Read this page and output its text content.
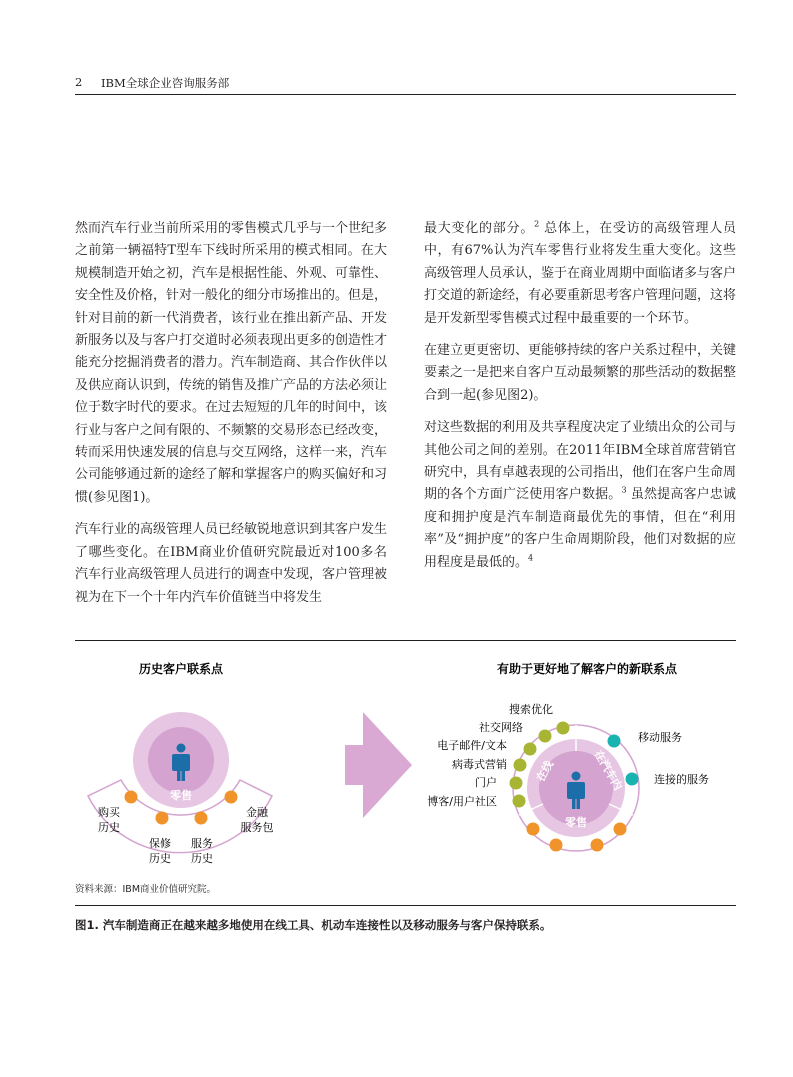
2 IBM全球企业咨询服务部

然而汽车行业当前所采用的零售模式几乎与一个世纪多之前第一辆福特T型车下线时所采用的模式相同。在大规模制造开始之初，汽车是根据性能、外观、可靠性、安全性及价格，针对一般化的细分市场推出的。但是，针对目前的新一代消费者，该行业在推出新产品、开发新服务以及与客户打交道时必须表现出更多的创造性才能充分挖掘消费者的潜力。汽车制造商、其合作伙伴以及供应商认识到，传统的销售及推广产品的方法必须让位于数字时代的要求。在过去短短的几年的时间中，该行业与客户之间有限的、不频繁的交易形态已经改变，转而采用快速发展的信息与交互网络，这样一来，汽车公司能够通过新的途经了解和掌握客户的购买偏好和习惯(参见图1)。

汽车行业的高级管理人员已经敏锐地意识到其客户发生了哪些变化。在IBM商业价值研究院最近对100多名汽车行业高级管理人员进行的调查中发现，客户管理被视为在下一个十年内汽车价值链当中将发生

最大变化的部分。$^2$ 总体上，在受访的高级管理人员中，有67%认为汽车零售行业将发生重大变化。这些高级管理人员承认，鉴于在商业周期中面临诸多与客户打交道的新途经，有必要重新思考客户管理问题，这将是开发新型零售模式过程中最重要的一个环节。

在建立更更密切、更能够持续的客户关系过程中，关键要素之一是把来自客户互动最频繁的那些活动的数据整合到一起(参见图2)。

对这些数据的利用及共享程度决定了业绩出众的公司与其他公司之间的差别。在2011年IBM全球首席营销官研究中，具有卓越表现的公司指出，他们在客户生命周期的各个方面广泛使用客户数据。$^3$ 虽然提高客户忠诚度和拥护度是汽车制造商最优先的事情，但在“利用率”及“拥护度”的客户生命周期阶段，他们对数据的应用程度是最低的。$^4$

历史客户联系点	有助于更好地了解客户的新联系点
零售
购买历史
保修历史
服务历史
金融服务包
在线	在汽车内
零售
搜索优化
社交网络
电子邮件/文本
病毒式营销
门户
博客/用户社区
移动服务
连接的服务
资料来源：IBM商业价值研究院。
图1. 汽车制造商正在越来越多地使用在线工具、机动车连接性以及移动服务与客户保持联系。
